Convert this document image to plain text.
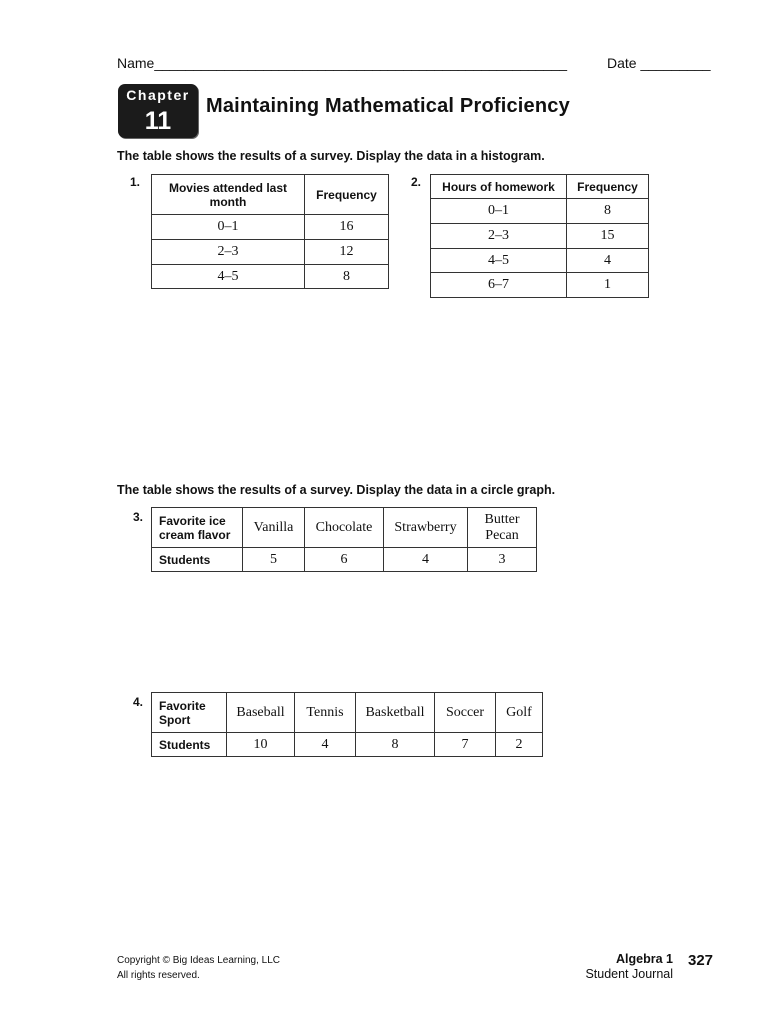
Name_____________________________________________________	Date _________
Chapter
11
Maintaining Mathematical Proficiency
The table shows the results of a survey. Display the data in a histogram.
1. Movies attended last month	Frequency
0–1	16
2–3	12
4–5	8
2. Hours of homework	Frequency
0–1	8
2–3	15
4–5	4
6–7	1
The table shows the results of a survey. Display the data in a circle graph.
3. Favorite ice cream flavor	Vanilla	Chocolate	Strawberry	Butter Pecan
Students	5	6	4	3
4. Favorite Sport	Baseball	Tennis	Basketball	Soccer	Golf
Students	10	4	8	7	2
Copyright © Big Ideas Learning, LLC
All rights reserved.
Algebra 1
Student Journal
327
